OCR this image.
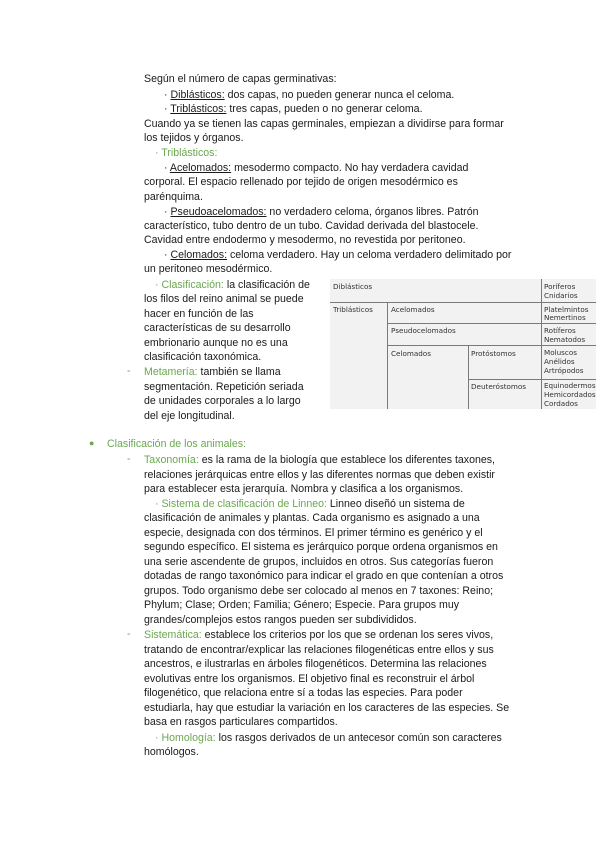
Según el número de capas germinativas:
· Diblásticos: dos capas, no pueden generar nunca el celoma.
· Triblásticos: tres capas, pueden o no generar celoma.
Cuando ya se tienen las capas germinales, empiezan a dividirse para formar
los tejidos y órganos.
· Triblásticos:
· Acelomados: mesodermo compacto. No hay verdadera cavidad
corporal. El espacio rellenado por tejido de origen mesodérmico es
parénquima.
· Pseudoacelomados: no verdadero celoma, órganos libres. Patrón
característico, tubo dentro de un tubo. Cavidad derivada del blastocele.
Cavidad entre endodermo y mesodermo, no revestida por peritoneo.
· Celomados: celoma verdadero. Hay un celoma verdadero delimitado por
un peritoneo mesodérmico.
· Clasificación: la clasificación de
los filos del reino animal se puede
hacer en función de las
características de su desarrollo
embrionario aunque no es una
clasificación taxonómica.
- Metamería: también se llama
segmentación. Repetición seriada
de unidades corporales a lo largo
del eje longitudinal.
Diblásticos	Poríferos
Cnidarios
Triblásticos	Acelomados	Platelmintos
Nemertinos
Pseudocelomados	Rotíferos
Nematodos
Celomados	Protóstomos	Moluscos
Anélidos
Artrópodos
Deuteróstomos Equinodermos
Hemicordados
Cordados
● Clasificación de los animales:
- Taxonomía: es la rama de la biología que establece los diferentes taxones,
relaciones jerárquicas entre ellos y las diferentes normas que deben existir
para establecer esta jerarquía. Nombra y clasifica a los organismos.
· Sistema de clasificación de Linneo: Linneo diseñó un sistema de
clasificación de animales y plantas. Cada organismo es asignado a una
especie, designada con dos términos. El primer término es genérico y el
segundo específico. El sistema es jerárquico porque ordena organismos en
una serie ascendente de grupos, incluidos en otros. Sus categorías fueron
dotadas de rango taxonómico para indicar el grado en que contenían a otros
grupos. Todo organismo debe ser colocado al menos en 7 taxones: Reino;
Phylum; Clase; Orden; Familia; Género; Especie. Para grupos muy
grandes/complejos estos rangos pueden ser subdivididos.
- Sistemática: establece los criterios por los que se ordenan los seres vivos,
tratando de encontrar/explicar las relaciones filogenéticas entre ellos y sus
ancestros, e ilustrarlas en árboles filogenéticos. Determina las relaciones
evolutivas entre los organismos. El objetivo final es reconstruir el árbol
filogenético, que relaciona entre sí a todas las especies. Para poder
estudiarla, hay que estudiar la variación en los caracteres de las especies. Se
basa en rasgos particulares compartidos.
· Homología: los rasgos derivados de un antecesor común son caracteres
homólogos.
